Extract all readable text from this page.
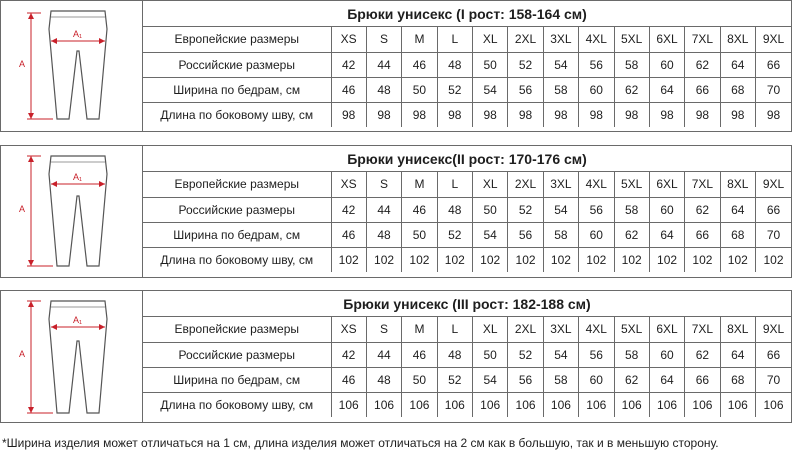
A
A₁
Брюки унисекс (I рост: 158-164 см)
Европейские размеры	XS	S	M	L	XL	2XL	3XL	4XL	5XL	6XL	7XL	8XL	9XL
Российские размеры	42	44	46	48	50	52	54	56	58	60	62	64	66
Ширина по бедрам, см	46	48	50	52	54	56	58	60	62	64	66	68	70
Длина по боковому шву, см	98	98	98	98	98	98	98	98	98	98	98	98	98
A
A₁
Брюки унисекс(II рост: 170-176 см)
Европейские размеры	XS	S	M	L	XL	2XL	3XL	4XL	5XL	6XL	7XL	8XL	9XL
Российские размеры	42	44	46	48	50	52	54	56	58	60	62	64	66
Ширина по бедрам, см	46	48	50	52	54	56	58	60	62	64	66	68	70
Длина по боковому шву, см	102	102	102	102	102	102	102	102	102	102	102	102	102
A
A₁
Брюки унисекс (III рост: 182-188 см)
Европейские размеры	XS	S	M	L	XL	2XL	3XL	4XL	5XL	6XL	7XL	8XL	9XL
Российские размеры	42	44	46	48	50	52	54	56	58	60	62	64	66
Ширина по бедрам, см	46	48	50	52	54	56	58	60	62	64	66	68	70
Длина по боковому шву, см	106	106	106	106	106	106	106	106	106	106	106	106	106
*Ширина изделия может отличаться на 1 см, длина изделия может отличаться на 2 см как в большую, так и в меньшую сторону.
